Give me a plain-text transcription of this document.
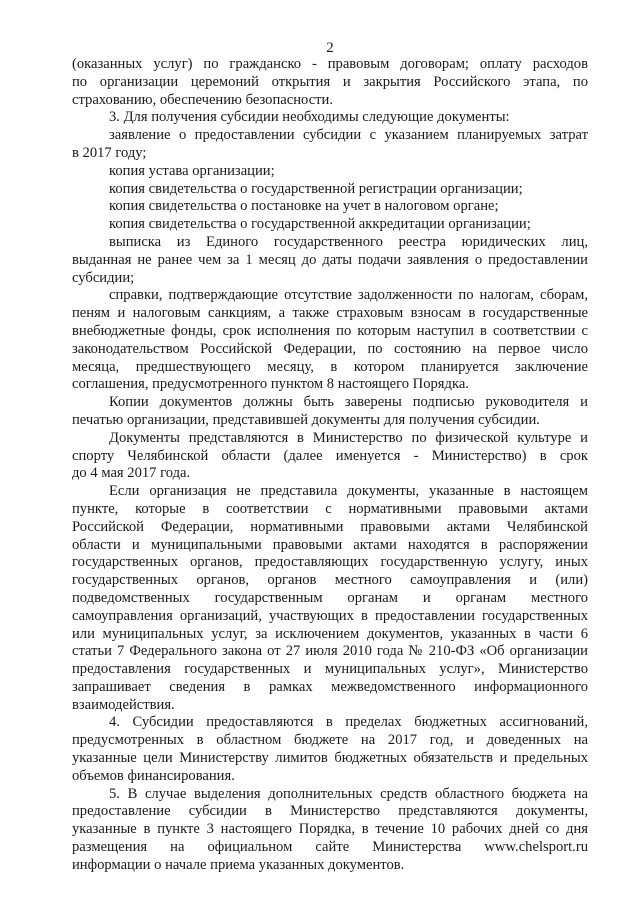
2
(оказанных услуг) по гражданско - правовым договорам; оплату расходов
по организации церемоний открытия и закрытия Российского этапа, по
страхованию, обеспечению безопасности.
3. Для получения субсидии необходимы следующие документы:
заявление о предоставлении субсидии с указанием планируемых затрат
в 2017 году;
копия устава организации;
копия свидетельства о государственной регистрации организации;
копия свидетельства о постановке на учет в налоговом органе;
копия свидетельства о государственной аккредитации организации;
выписка из Единого государственного реестра юридических лиц,
выданная не ранее чем за 1 месяц до даты подачи заявления о предоставлении
субсидии;
справки, подтверждающие отсутствие задолженности по налогам, сборам,
пеням и налоговым санкциям, а также страховым взносам в государственные
внебюджетные фонды, срок исполнения по которым наступил в соответствии с
законодательством Российской Федерации, по состоянию на первое число
месяца, предшествующего месяцу, в котором планируется заключение
соглашения, предусмотренного пунктом 8 настоящего Порядка.
Копии документов должны быть заверены подписью руководителя и
печатью организации, представившей документы для получения субсидии.
Документы представляются в Министерство по физической культуре и
спорту Челябинской области (далее именуется - Министерство) в срок
до 4 мая 2017 года.
Если организация не представила документы, указанные в настоящем
пункте, которые в соответствии с нормативными правовыми актами
Российской Федерации, нормативными правовыми актами Челябинской
области и муниципальными правовыми актами находятся в распоряжении
государственных органов, предоставляющих государственную услугу, иных
государственных органов, органов местного самоуправления и (или)
подведомственных государственным органам и органам местного
самоуправления организаций, участвующих в предоставлении государственных
или муниципальных услуг, за исключением документов, указанных в части 6
статьи 7 Федерального закона от 27 июля 2010 года № 210-ФЗ «Об организации
предоставления государственных и муниципальных услуг», Министерство
запрашивает сведения в рамках межведомственного информационного
взаимодействия.
4. Субсидии предоставляются в пределах бюджетных ассигнований,
предусмотренных в областном бюджете на 2017 год, и доведенных на
указанные цели Министерству лимитов бюджетных обязательств и предельных
объемов финансирования.
5. В случае выделения дополнительных средств областного бюджета на
предоставление субсидии в Министерство представляются документы,
указанные в пункте 3 настоящего Порядка, в течение 10 рабочих дней со дня
размещения на официальном сайте Министерства www.chelsport.ru
информации о начале приема указанных документов.
